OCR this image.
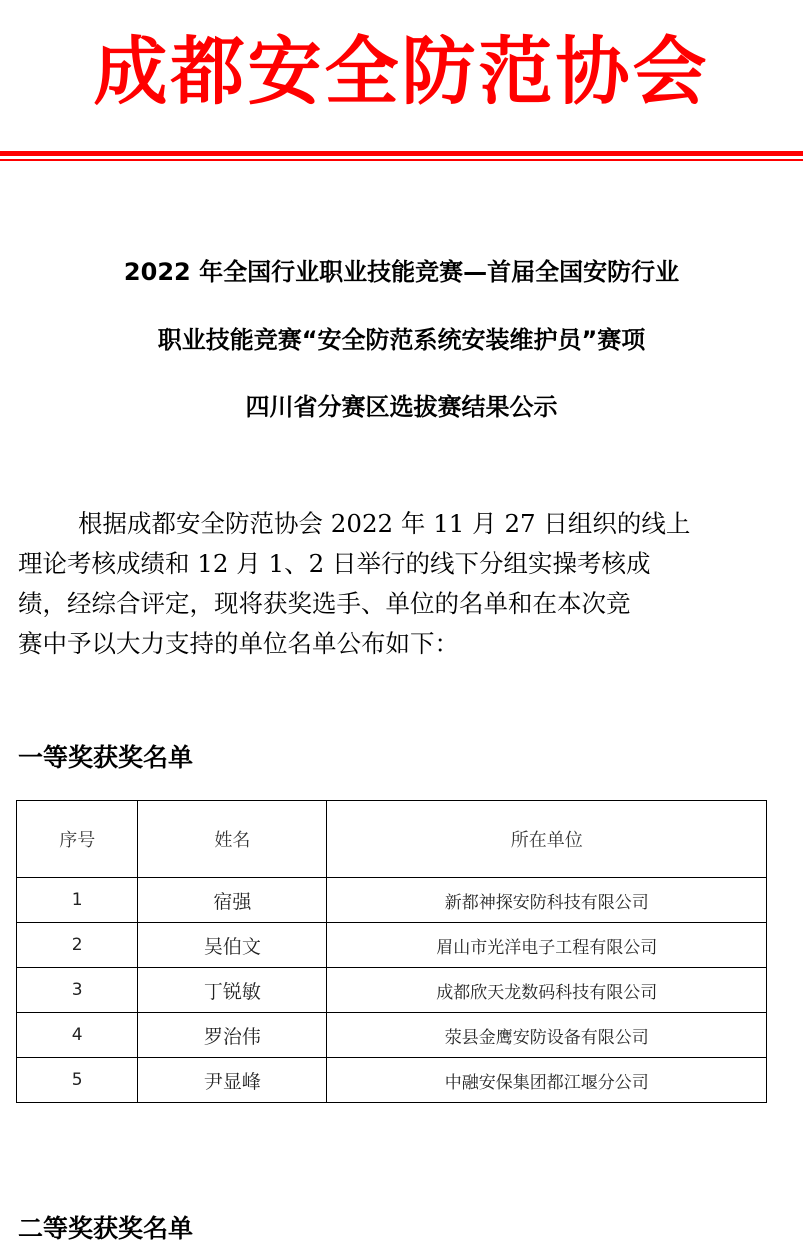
成都安全防范协会
2022 年全国行业职业技能竞赛—首届全国安防行业
职业技能竞赛“安全防范系统安装维护员”赛项
四川省分赛区选拔赛结果公示
根据成都安全防范协会 2022 年 11 月 27 日组织的线上
理论考核成绩和 12 月 1、2 日举行的线下分组实操考核成
绩，经综合评定，现将获奖选手、单位的名单和在本次竞
赛中予以大力支持的单位名单公布如下：
一等奖获奖名单
序号	姓名	所在单位
1	宿强	新都神探安防科技有限公司
2	吴伯文	眉山市光洋电子工程有限公司
3	丁锐敏	成都欣天龙数码科技有限公司
4	罗治伟	荥县金鹰安防设备有限公司
5	尹显峰	中融安保集团都江堰分公司
二等奖获奖名单
